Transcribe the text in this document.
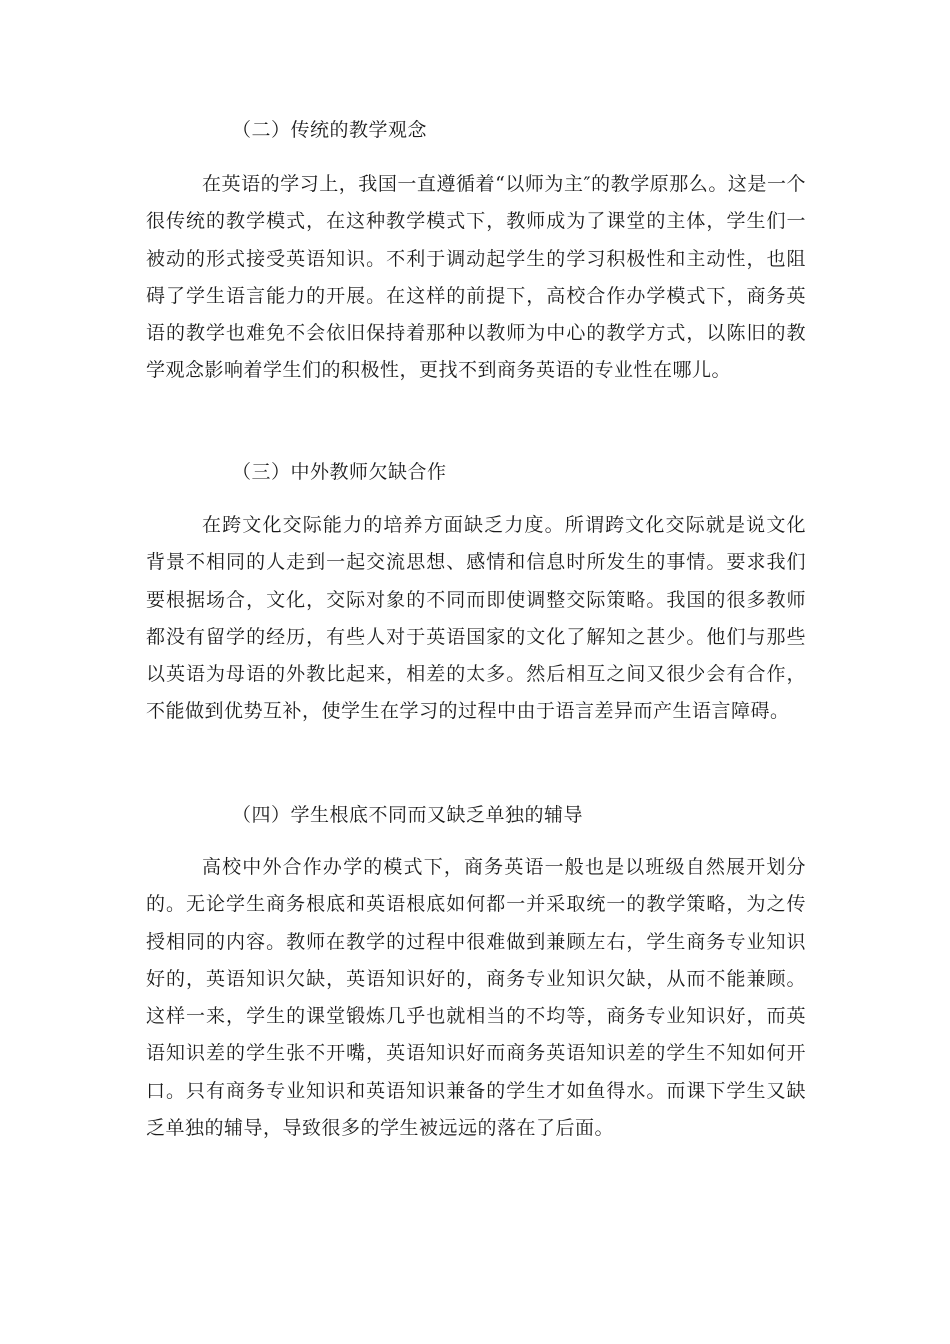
（二）传统的教学观念

在英语的学习上，我国一直遵循着“以师为主″的教学原那么。这是一个很传统的教学模式，在这种教学模式下，教师成为了课堂的主体，学生们一被动的形式接受英语知识。不利于调动起学生的学习积极性和主动性，也阻碍了学生语言能力的开展。在这样的前提下，高校合作办学模式下，商务英语的教学也难免不会依旧保持着那种以教师为中心的教学方式，以陈旧的教学观念影响着学生们的积极性，更找不到商务英语的专业性在哪儿。

（三）中外教师欠缺合作

在跨文化交际能力的培养方面缺乏力度。所谓跨文化交际就是说文化背景不相同的人走到一起交流思想、感情和信息时所发生的事情。要求我们要根据场合，文化，交际对象的不同而即使调整交际策略。我国的很多教师都没有留学的经历，有些人对于英语国家的文化了解知之甚少。他们与那些以英语为母语的外教比起来，相差的太多。然后相互之间又很少会有合作，不能做到优势互补，使学生在学习的过程中由于语言差异而产生语言障碍。

（四）学生根底不同而又缺乏单独的辅导

高校中外合作办学的模式下，商务英语一般也是以班级自然展开划分的。无论学生商务根底和英语根底如何都一并采取统一的教学策略，为之传授相同的内容。教师在教学的过程中很难做到兼顾左右，学生商务专业知识好的，英语知识欠缺，英语知识好的，商务专业知识欠缺，从而不能兼顾。这样一来，学生的课堂锻炼几乎也就相当的不均等，商务专业知识好，而英语知识差的学生张不开嘴，英语知识好而商务英语知识差的学生不知如何开口。只有商务专业知识和英语知识兼备的学生才如鱼得水。而课下学生又缺乏单独的辅导，导致很多的学生被远远的落在了后面。
